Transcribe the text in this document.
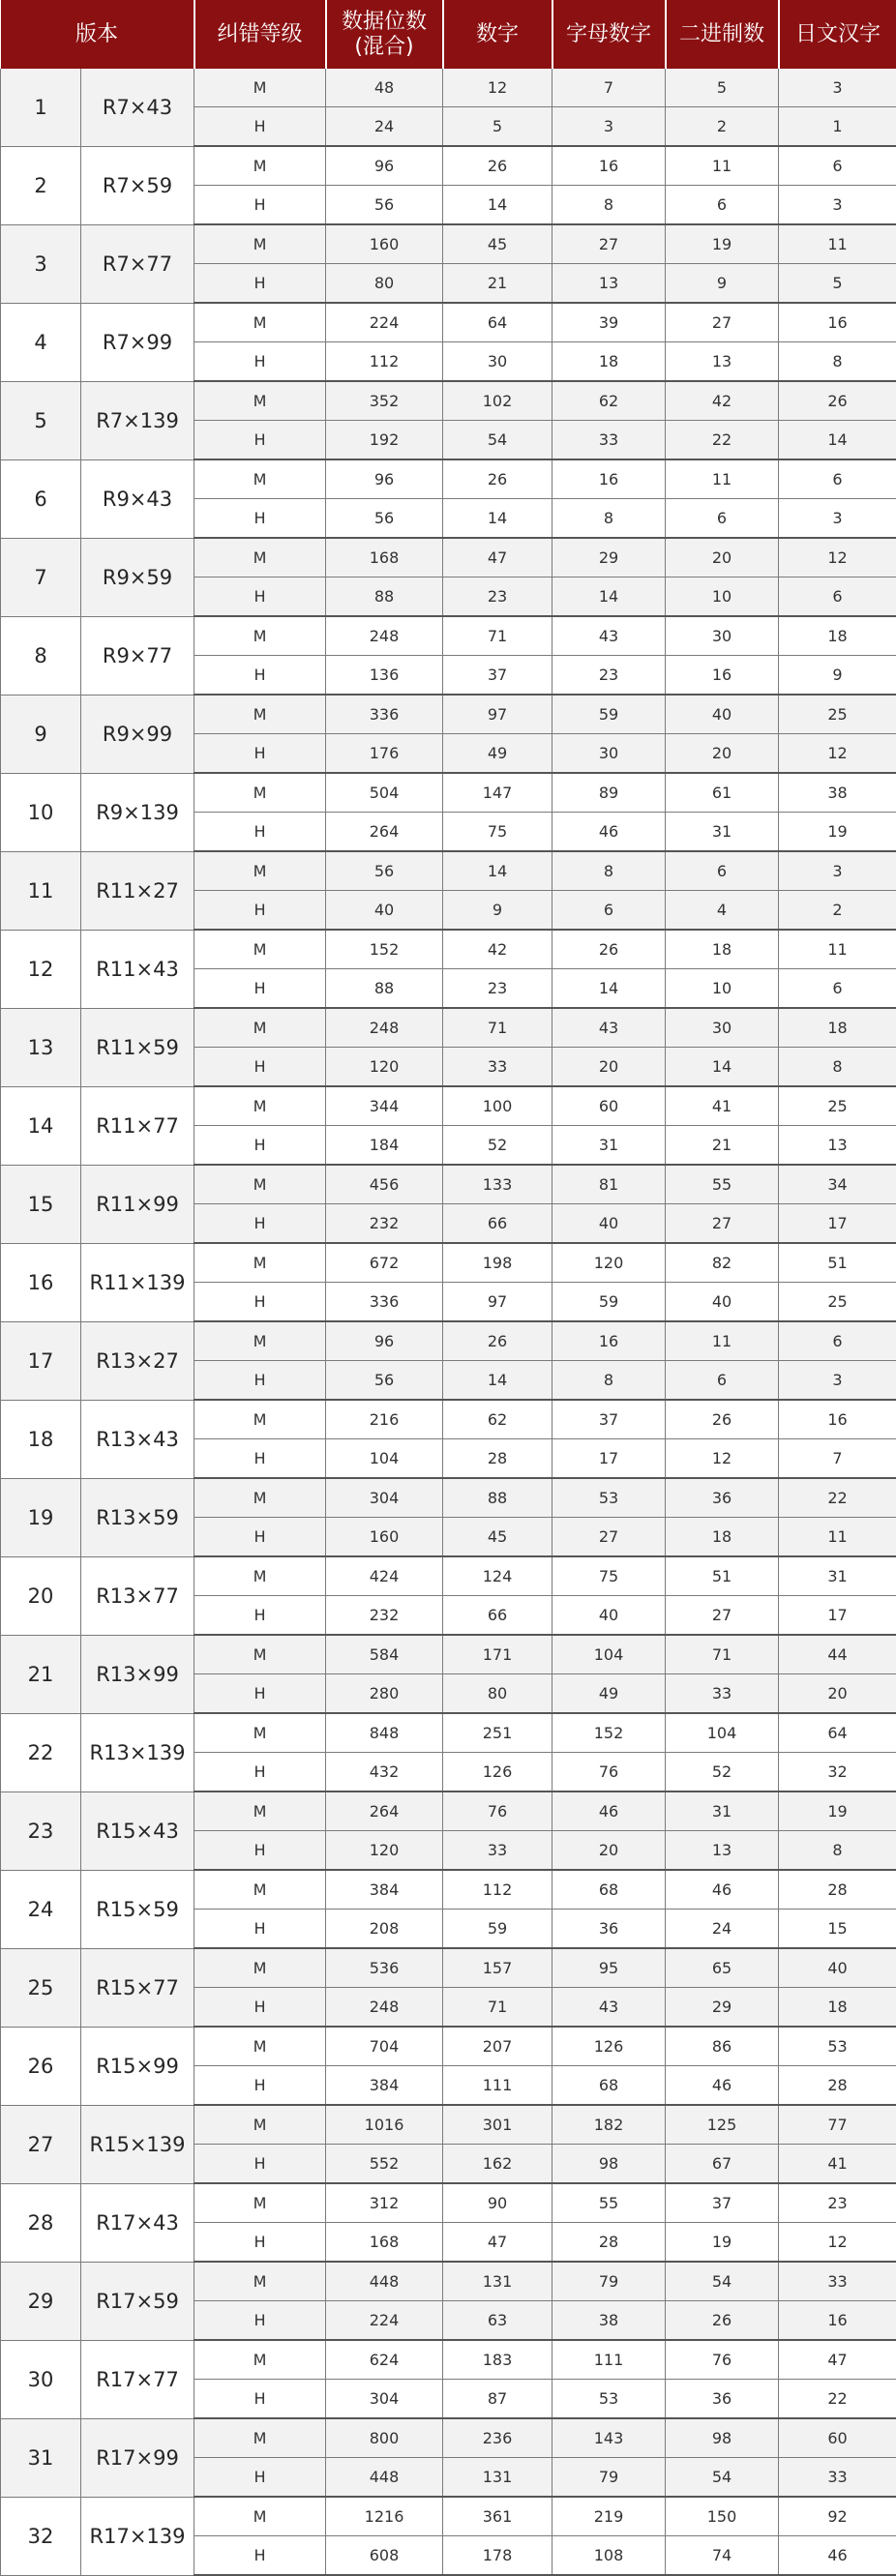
版本		纠错等级	数据位数
(混合)	数字	字母数字	二进制数	日文汉字
1	R7×43	M	48	12	7	5	3
		H	24	5	3	2	1
2	R7×59	M	96	26	16	11	6
		H	56	14	8	6	3
3	R7×77	M	160	45	27	19	11
		H	80	21	13	9	5
4	R7×99	M	224	64	39	27	16
		H	112	30	18	13	8
5	R7×139	M	352	102	62	42	26
		H	192	54	33	22	14
6	R9×43	M	96	26	16	11	6
		H	56	14	8	6	3
7	R9×59	M	168	47	29	20	12
		H	88	23	14	10	6
8	R9×77	M	248	71	43	30	18
		H	136	37	23	16	9
9	R9×99	M	336	97	59	40	25
		H	176	49	30	20	12
10	R9×139	M	504	147	89	61	38
		H	264	75	46	31	19
11	R11×27	M	56	14	8	6	3
		H	40	9	6	4	2
12	R11×43	M	152	42	26	18	11
		H	88	23	14	10	6
13	R11×59	M	248	71	43	30	18
		H	120	33	20	14	8
14	R11×77	M	344	100	60	41	25
		H	184	52	31	21	13
15	R11×99	M	456	133	81	55	34
		H	232	66	40	27	17
16	R11×139	M	672	198	120	82	51
		H	336	97	59	40	25
17	R13×27	M	96	26	16	11	6
		H	56	14	8	6	3
18	R13×43	M	216	62	37	26	16
		H	104	28	17	12	7
19	R13×59	M	304	88	53	36	22
		H	160	45	27	18	11
20	R13×77	M	424	124	75	51	31
		H	232	66	40	27	17
21	R13×99	M	584	171	104	71	44
		H	280	80	49	33	20
22	R13×139	M	848	251	152	104	64
		H	432	126	76	52	32
23	R15×43	M	264	76	46	31	19
		H	120	33	20	13	8
24	R15×59	M	384	112	68	46	28
		H	208	59	36	24	15
25	R15×77	M	536	157	95	65	40
		H	248	71	43	29	18
26	R15×99	M	704	207	126	86	53
		H	384	111	68	46	28
27	R15×139	M	1016	301	182	125	77
		H	552	162	98	67	41
28	R17×43	M	312	90	55	37	23
		H	168	47	28	19	12
29	R17×59	M	448	131	79	54	33
		H	224	63	38	26	16
30	R17×77	M	624	183	111	76	47
		H	304	87	53	36	22
31	R17×99	M	800	236	143	98	60
		H	448	131	79	54	33
32	R17×139	M	1216	361	219	150	92
		H	608	178	108	74	46
